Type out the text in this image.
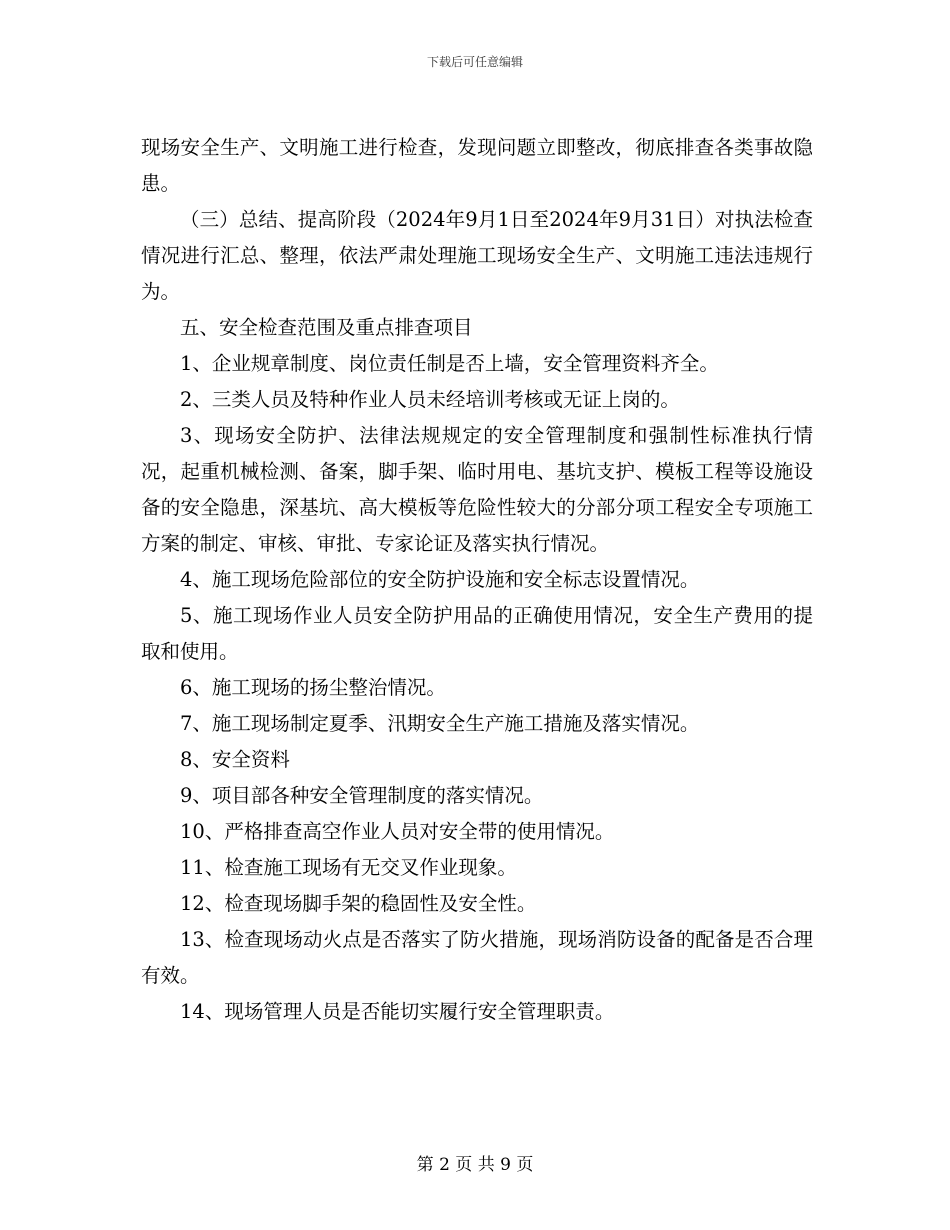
下载后可任意编辑

现场安全生产、文明施工进行检查，发现问题立即整改，彻底排查各类事故隐患。

（三）总结、提高阶段（2024年9月1日至2024年9月31日）对执法检查情况进行汇总、整理，依法严肃处理施工现场安全生产、文明施工违法违规行为。

五、安全检查范围及重点排查项目

1、企业规章制度、岗位责任制是否上墙，安全管理资料齐全。

2、三类人员及特种作业人员未经培训考核或无证上岗的。

3、现场安全防护、法律法规规定的安全管理制度和强制性标准执行情况，起重机械检测、备案，脚手架、临时用电、基坑支护、模板工程等设施设备的安全隐患，深基坑、高大模板等危险性较大的分部分项工程安全专项施工方案的制定、审核、审批、专家论证及落实执行情况。

4、施工现场危险部位的安全防护设施和安全标志设置情况。

5、施工现场作业人员安全防护用品的正确使用情况，安全生产费用的提取和使用。

6、施工现场的扬尘整治情况。

7、施工现场制定夏季、汛期安全生产施工措施及落实情况。

8、安全资料

9、项目部各种安全管理制度的落实情况。

10、严格排查高空作业人员对安全带的使用情况。

11、检查施工现场有无交叉作业现象。

12、检查现场脚手架的稳固性及安全性。

13、检查现场动火点是否落实了防火措施，现场消防设备的配备是否合理有效。

14、现场管理人员是否能切实履行安全管理职责。

第 2 页 共 9 页
